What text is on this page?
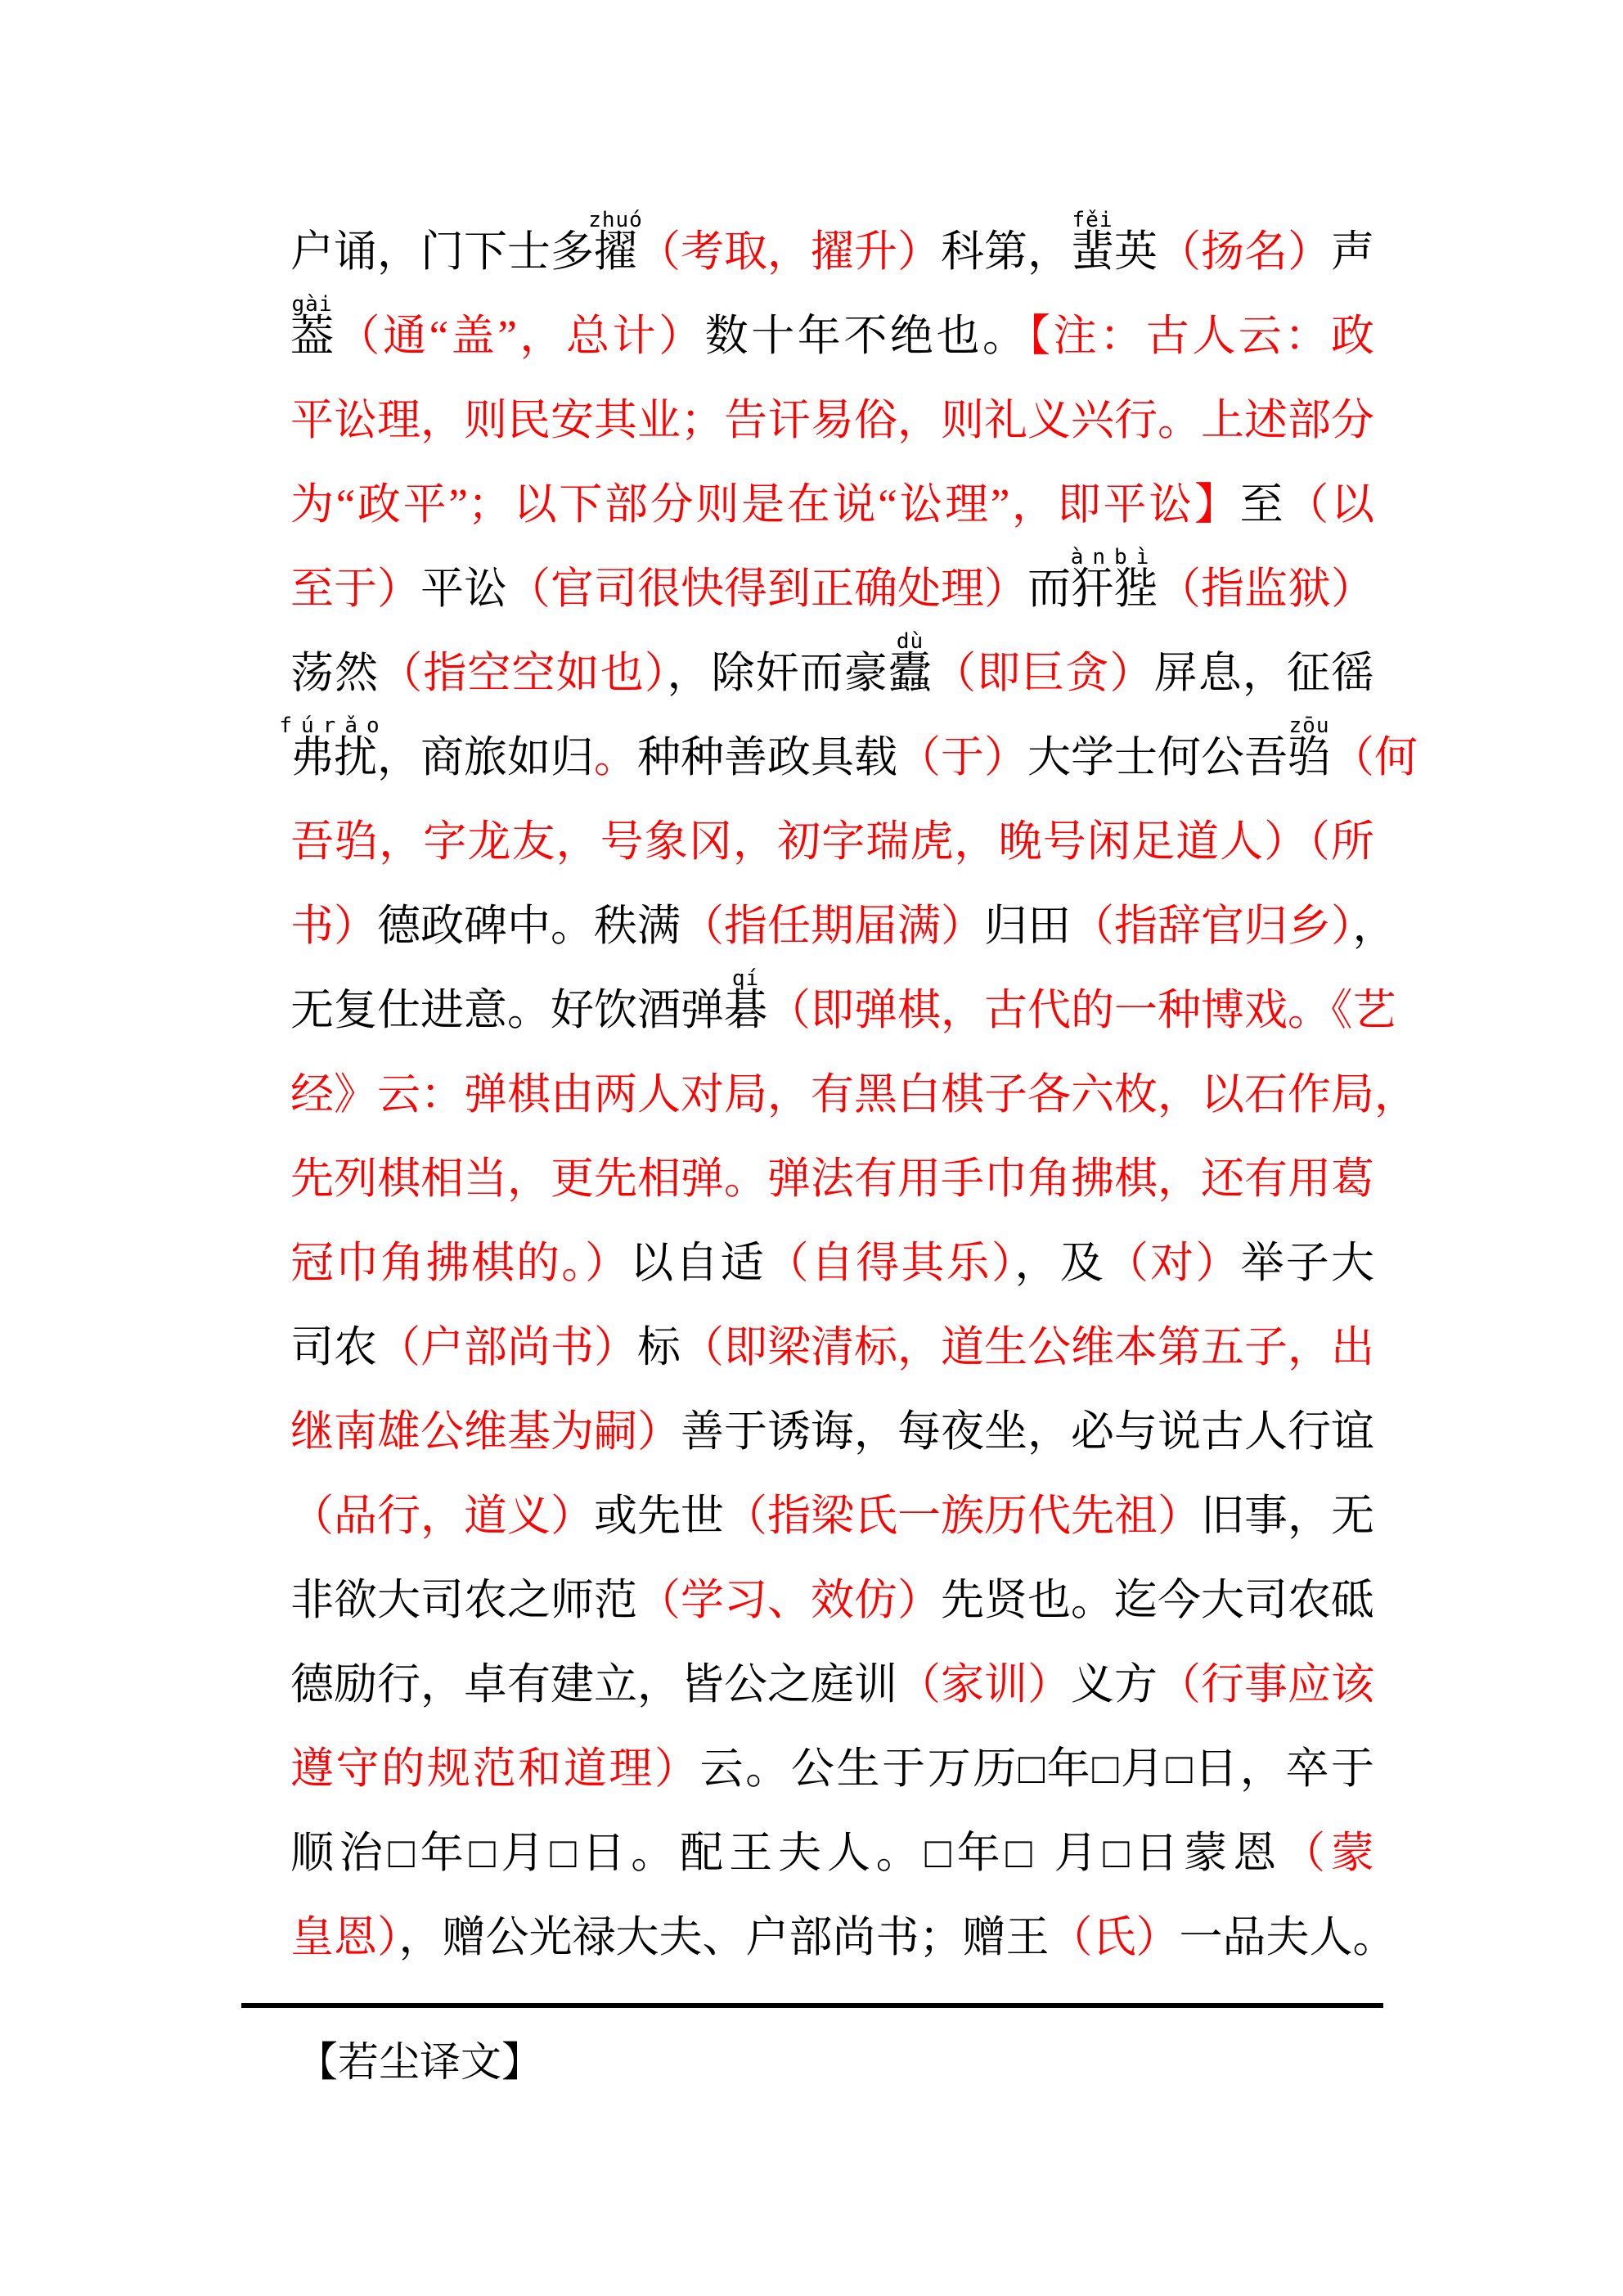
户诵，门下士多
zhuó
擢（考取，擢升）科第，
fěi
蜚英（扬名）声
gài
葢（通“盖”，总计）数十年不绝也。【注：古人云：政
平讼理，则民安其业；告讦易俗，则礼义兴行。上述部分
为“政平”；以下部分则是在说“讼理”，即平讼】至（以
至于）平讼（官司很快得到正确处理）而
ànbì
犴狴（指监狱）
荡然（指空空如也），除奸而豪
dù
蠹（即巨贪）屏息，征徭
fúrǎo
弗扰，商旅如归。种种善政具载（于）大学士何公吾
zōu
驺（何
吾驺，字龙友，号象冈，初字瑞虎，晚号闲足道人）（所
书）德政碑中。秩满（指任期届满）归田（指辞官归乡），
无复仕进意。好饮酒弹
qí
碁（即弹棋，古代的一种博戏。《艺
经》云：弹棋由两人对局，有黑白棋子各六枚，以石作局，
先列棋相当，更先相弹。弹法有用手巾角拂棋，还有用葛
冠巾角拂棋的。）以自适（自得其乐），及（对）举子大
司农（户部尚书）标（即梁清标，道生公维本第五子，出
继南雄公维基为嗣）善于诱诲，每夜坐，必与说古人行谊
（品行，道义）或先世（指梁氏一族历代先祖）旧事，无
非欲大司农之师范（学习、效仿）先贤也。迄今大司农砥
德励行，卓有建立，皆公之庭训（家训）义方（行事应该
遵守的规范和道理）云。公生于万历□年□月□日，卒于
顺治□年□月□日。配王夫人。□年□ 月□日蒙恩（蒙
皇恩），赠公光禄大夫、户部尚书；赠王（氏）一品夫人。
【若尘译文】
